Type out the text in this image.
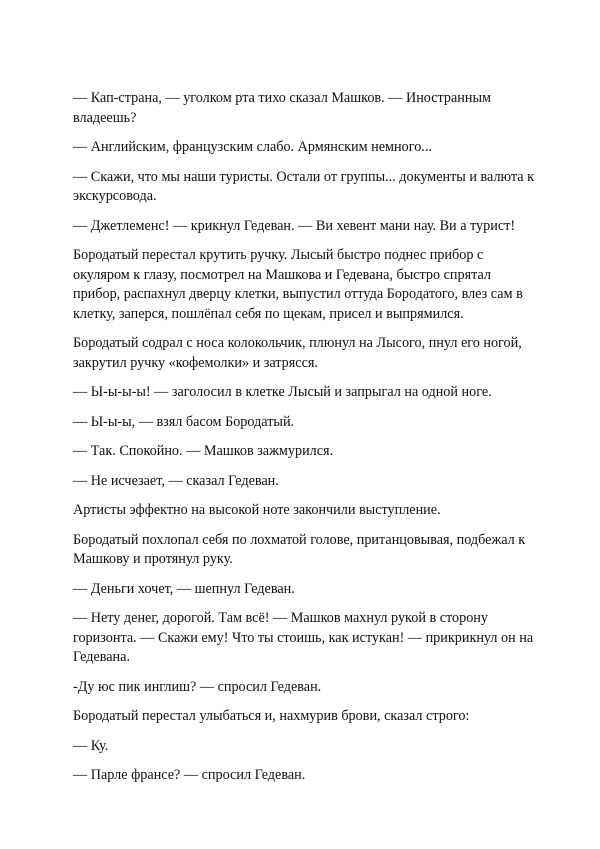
— Кап-страна, — уголком рта тихо сказал Машков. — Иностранным владеешь?

— Английским, французским слабо. Армянским немного...

— Скажи, что мы наши туристы. Остали от группы... документы и валюта к экскурсовода.

— Джетлеменс! — крикнул Гедеван. — Ви хевент мани нау. Ви а турист!

Бородатый перестал крутить ручку. Лысый быстро поднес прибор с окуляром к глазу, посмотрел на Машкова и Гедевана, быстро спрятал прибор, распахнул дверцу клетки, выпустил оттуда Бородатого, влез сам в клетку, заперся, пошлёпал себя по щекам, присел и выпрямился.

Бородатый содрал с носа колокольчик, плюнул на Лысого, пнул его ногой, закрутил ручку «кофемолки» и затрясся.

— Ы-ы-ы-ы! — заголосил в клетке Лысый и запрыгал на одной ноге.

— Ы-ы-ы, — взял басом Бородатый.

— Так. Спокойно. — Машков зажмурился.

— Не исчезает, — сказал Гедеван.

Артисты эффектно на высокой ноте закончили выступление.

Бородатый похлопал себя по лохматой голове, пританцовывая, подбежал к Машкову и протянул руку.

— Деньги хочет, — шепнул Гедеван.

— Нету денег, дорогой. Там всё! — Машков махнул рукой в сторону горизонта. — Скажи ему! Что ты стоишь, как истукан! — прикрикнул он на Гедевана.

-Ду юс пик инглиш? — спросил Гедеван.

Бородатый перестал улыбаться и, нахмурив брови, сказал строго:

— Ку.

— Парле франсе? — спросил Гедеван.
